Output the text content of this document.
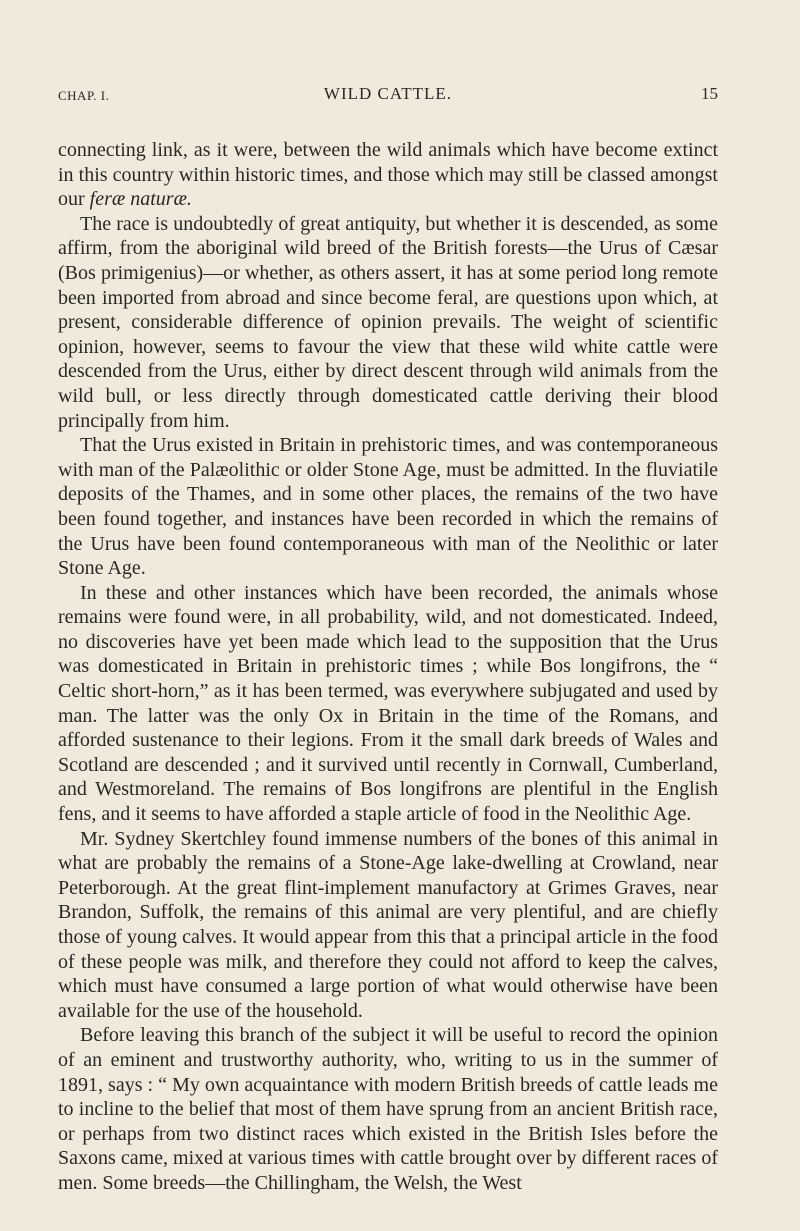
CHAP. I.	WILD CATTLE.	15

connecting link, as it were, between the wild animals which have become extinct in this country within historic times, and those which may still be classed amongst our feræ naturæ.

The race is undoubtedly of great antiquity, but whether it is descended, as some affirm, from the aboriginal wild breed of the British forests—the Urus of Cæsar (Bos primigenius)—or whether, as others assert, it has at some period long remote been imported from abroad and since become feral, are questions upon which, at present, considerable difference of opinion prevails. The weight of scientific opinion, however, seems to favour the view that these wild white cattle were descended from the Urus, either by direct descent through wild animals from the wild bull, or less directly through domesticated cattle deriving their blood principally from him.

That the Urus existed in Britain in prehistoric times, and was contemporaneous with man of the Palæolithic or older Stone Age, must be admitted. In the fluviatile deposits of the Thames, and in some other places, the remains of the two have been found together, and instances have been recorded in which the remains of the Urus have been found contemporaneous with man of the Neolithic or later Stone Age.

In these and other instances which have been recorded, the animals whose remains were found were, in all probability, wild, and not domesticated. Indeed, no discoveries have yet been made which lead to the supposition that the Urus was domesticated in Britain in prehistoric times ; while Bos longifrons, the “ Celtic short-horn,” as it has been termed, was everywhere subjugated and used by man. The latter was the only Ox in Britain in the time of the Romans, and afforded sustenance to their legions. From it the small dark breeds of Wales and Scotland are descended ; and it survived until recently in Cornwall, Cumberland, and Westmoreland. The remains of Bos longifrons are plentiful in the English fens, and it seems to have afforded a staple article of food in the Neolithic Age.

Mr. Sydney Skertchley found immense numbers of the bones of this animal in what are probably the remains of a Stone-Age lake-dwelling at Crowland, near Peterborough. At the great flint-implement manufactory at Grimes Graves, near Brandon, Suffolk, the remains of this animal are very plentiful, and are chiefly those of young calves. It would appear from this that a principal article in the food of these people was milk, and therefore they could not afford to keep the calves, which must have consumed a large portion of what would otherwise have been available for the use of the household.

Before leaving this branch of the subject it will be useful to record the opinion of an eminent and trustworthy authority, who, writing to us in the summer of 1891, says : “ My own acquaintance with modern British breeds of cattle leads me to incline to the belief that most of them have sprung from an ancient British race, or perhaps from two distinct races which existed in the British Isles before the Saxons came, mixed at various times with cattle brought over by different races of men. Some breeds—the Chillingham, the Welsh, the West
